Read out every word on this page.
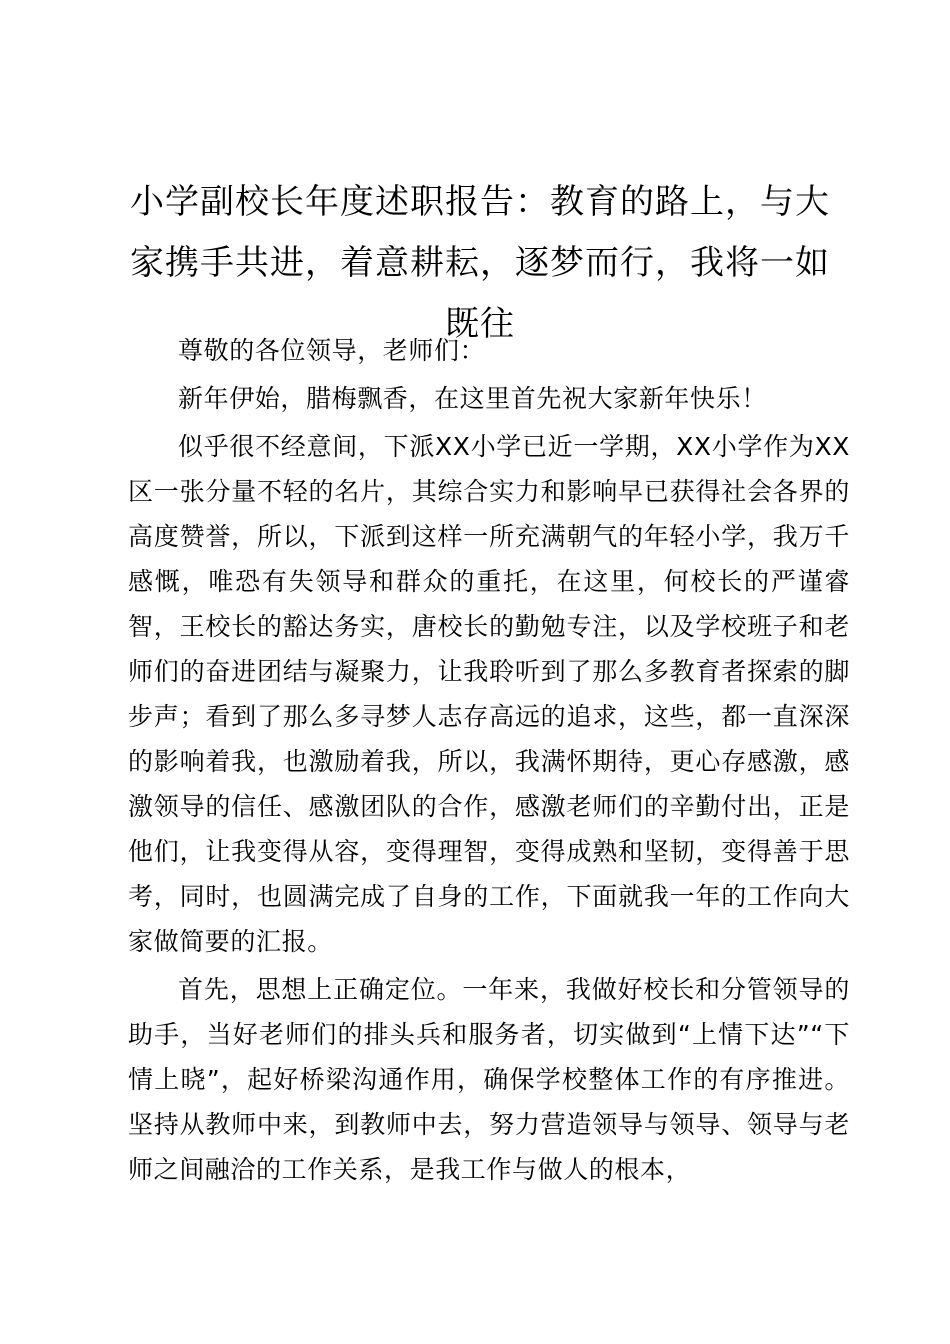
小学副校长年度述职报告：教育的路上，与大家携手共进，着意耕耘，逐梦而行，我将一如既往

尊敬的各位领导，老师们：

新年伊始，腊梅飘香，在这里首先祝大家新年快乐！

似乎很不经意间，下派XX小学已近一学期，XX小学作为XX区一张分量不轻的名片，其综合实力和影响早已获得社会各界的高度赞誉，所以，下派到这样一所充满朝气的年轻小学，我万千感慨，唯恐有失领导和群众的重托，在这里，何校长的严谨睿智，王校长的豁达务实，唐校长的勤勉专注，以及学校班子和老师们的奋进团结与凝聚力，让我聆听到了那么多教育者探索的脚步声；看到了那么多寻梦人志存高远的追求，这些，都一直深深的影响着我，也激励着我，所以，我满怀期待，更心存感激，感激领导的信任、感激团队的合作，感激老师们的辛勤付出，正是他们，让我变得从容，变得理智，变得成熟和坚韧，变得善于思考，同时，也圆满完成了自身的工作，下面就我一年的工作向大家做简要的汇报。

首先，思想上正确定位。一年来，我做好校长和分管领导的助手，当好老师们的排头兵和服务者，切实做到“上情下达”“下情上晓”，起好桥梁沟通作用，确保学校整体工作的有序推进。坚持从教师中来，到教师中去，努力营造领导与领导、领导与老师之间融洽的工作关系，是我工作与做人的根本，
